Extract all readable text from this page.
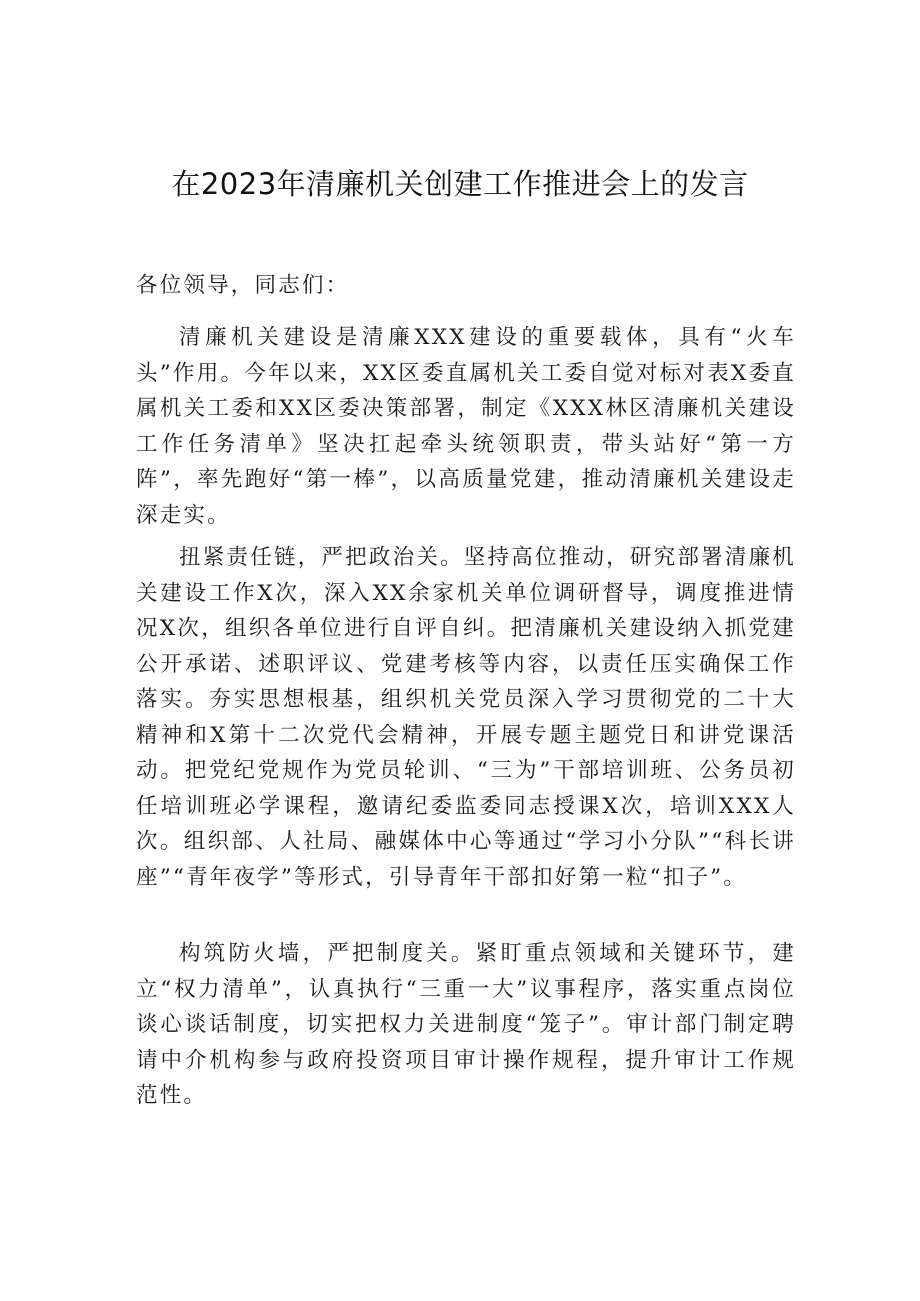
在2023年清廉机关创建工作推进会上的发言

各位领导，同志们：

清廉机关建设是清廉XXX建设的重要载体，具有“火车头”作用。今年以来，XX区委直属机关工委自觉对标对表X委直属机关工委和XX区委决策部署，制定《XXX林区清廉机关建设工作任务清单》坚决扛起牵头统领职责，带头站好“第一方阵”，率先跑好“第一棒”，以高质量党建，推动清廉机关建设走深走实。

扭紧责任链，严把政治关。坚持高位推动，研究部署清廉机关建设工作X次，深入XX余家机关单位调研督导，调度推进情况X次，组织各单位进行自评自纠。把清廉机关建设纳入抓党建公开承诺、述职评议、党建考核等内容，以责任压实确保工作落实。夯实思想根基，组织机关党员深入学习贯彻党的二十大精神和X第十二次党代会精神，开展专题主题党日和讲党课活动。把党纪党规作为党员轮训、“三为”干部培训班、公务员初任培训班必学课程，邀请纪委监委同志授课X次，培训XXX人次。组织部、人社局、融媒体中心等通过“学习小分队”“科长讲座”“青年夜学”等形式，引导青年干部扣好第一粒“扣子”。

构筑防火墙，严把制度关。紧盯重点领域和关键环节，建立“权力清单”，认真执行“三重一大”议事程序，落实重点岗位谈心谈话制度，切实把权力关进制度“笼子”。审计部门制定聘请中介机构参与政府投资项目审计操作规程，提升审计工作规范性。
